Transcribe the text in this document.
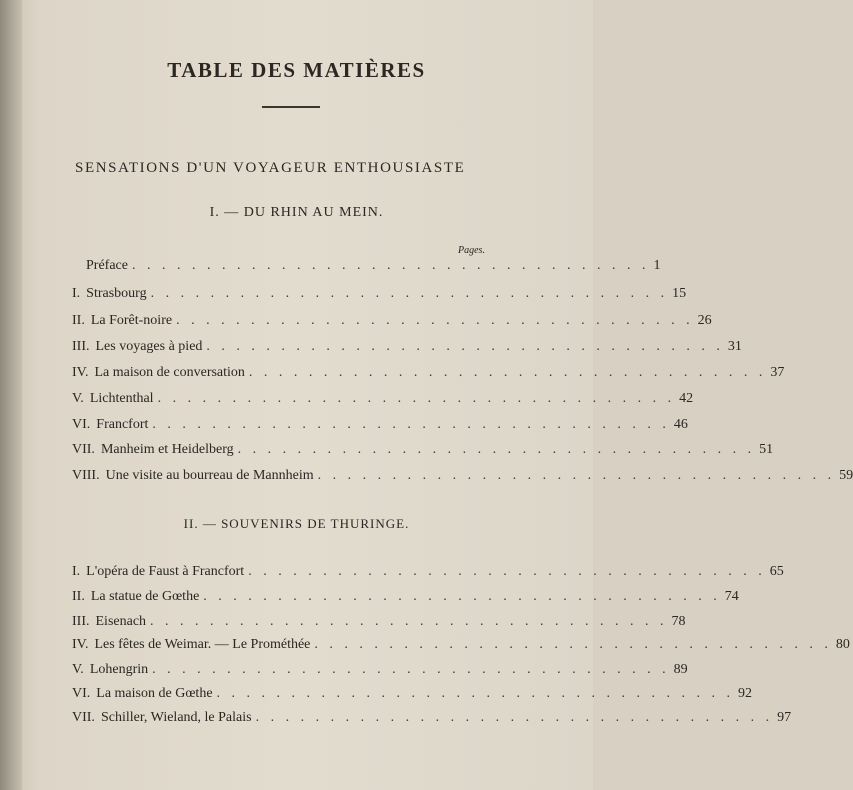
TABLE DES MATIÈRES
SENSATIONS D'UN VOYAGEUR ENTHOUSIASTE
I. — DU RHIN AU MEIN.
Pages.
Préface . . . . . . . . . . . . . . . . . . . . . . . . . . . . . . . . . . . 1
I. Strasbourg . . . . . . . . . . . . . . . . . . . . . . . . . . . . . . . . . . . 15
II. La Forêt-noire . . . . . . . . . . . . . . . . . . . . . . . . . . . . . . . . . . . 26
III. Les voyages à pied . . . . . . . . . . . . . . . . . . . . . . . . . . . . . . . . . . . 31
IV. La maison de conversation . . . . . . . . . . . . . . . . . . . . . . . . . . . . . . . . . . . 37
V. Lichtenthal . . . . . . . . . . . . . . . . . . . . . . . . . . . . . . . . . . . 42
VI. Francfort . . . . . . . . . . . . . . . . . . . . . . . . . . . . . . . . . . . 46
VII. Manheim et Heidelberg . . . . . . . . . . . . . . . . . . . . . . . . . . . . . . . . . . . 51
VIII. Une visite au bourreau de Mannheim . . . . . . . . . . . . . . . . . . . . . . . . . . . . . . . . . . . 59
II. — SOUVENIRS DE THURINGE.
I. L'opéra de Faust à Francfort . . . . . . . . . . . . . . . . . . . . . . . . . . . . . . . . . . . 65
II. La statue de Gœthe . . . . . . . . . . . . . . . . . . . . . . . . . . . . . . . . . . . 74
III. Eisenach . . . . . . . . . . . . . . . . . . . . . . . . . . . . . . . . . . . 78
IV. Les fêtes de Weimar. — Le Prométhée . . . . . . . . . . . . . . . . . . . . . . . . . . . . . . . . . . . 80
V. Lohengrin . . . . . . . . . . . . . . . . . . . . . . . . . . . . . . . . . . . 89
VI. La maison de Gœthe . . . . . . . . . . . . . . . . . . . . . . . . . . . . . . . . . . . 92
VII. Schiller, Wieland, le Palais . . . . . . . . . . . . . . . . . . . . . . . . . . . . . . . . . . . 97
